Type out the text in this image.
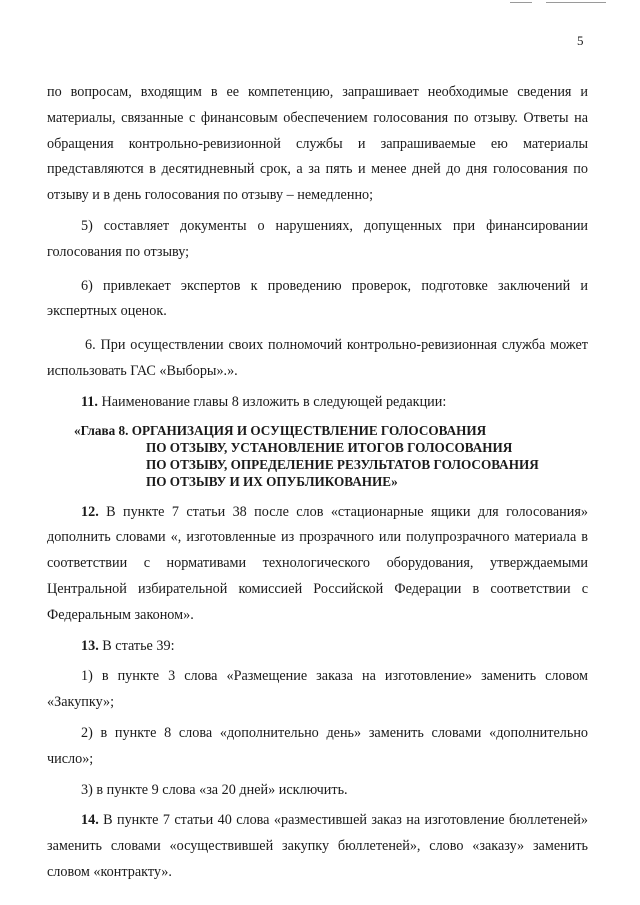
5

по вопросам, входящим в ее компетенцию, запрашивает необходимые сведения и материалы, связанные с финансовым обеспечением голосования по отзыву. Ответы на обращения контрольно-ревизионной службы и запрашиваемые ею материалы представляются в десятидневный срок, а за пять и менее дней до дня голосования по отзыву и в день голосования по отзыву – немедленно;

5) составляет документы о нарушениях, допущенных при финансировании голосования по отзыву;

6) привлекает экспертов к проведению проверок, подготовке заключений и экспертных оценок.

6. При осуществлении своих полномочий контрольно-ревизионная служба может использовать ГАС «Выборы».».

11. Наименование главы 8 изложить в следующей редакции:

«Глава 8. ОРГАНИЗАЦИЯ И ОСУЩЕСТВЛЕНИЕ ГОЛОСОВАНИЯ
ПО ОТЗЫВУ, УСТАНОВЛЕНИЕ ИТОГОВ ГОЛОСОВАНИЯ
ПО ОТЗЫВУ, ОПРЕДЕЛЕНИЕ РЕЗУЛЬТАТОВ ГОЛОСОВАНИЯ
ПО ОТЗЫВУ И ИХ ОПУБЛИКОВАНИЕ»

12. В пункте 7 статьи 38 после слов «стационарные ящики для голосования» дополнить словами «, изготовленные из прозрачного или полупрозрачного материала в соответствии с нормативами технологического оборудования, утверждаемыми Центральной избирательной комиссией Российской Федерации в соответствии с Федеральным законом».

13. В статье 39:

1) в пункте 3 слова «Размещение заказа на изготовление» заменить словом «Закупку»;

2) в пункте 8 слова «дополнительно день» заменить словами «дополнительно число»;

3) в пункте 9 слова «за 20 дней» исключить.

14. В пункте 7 статьи 40 слова «разместившей заказ на изготовление бюллетеней» заменить словами «осуществившей закупку бюллетеней», слово «заказу» заменить словом «контракту».
